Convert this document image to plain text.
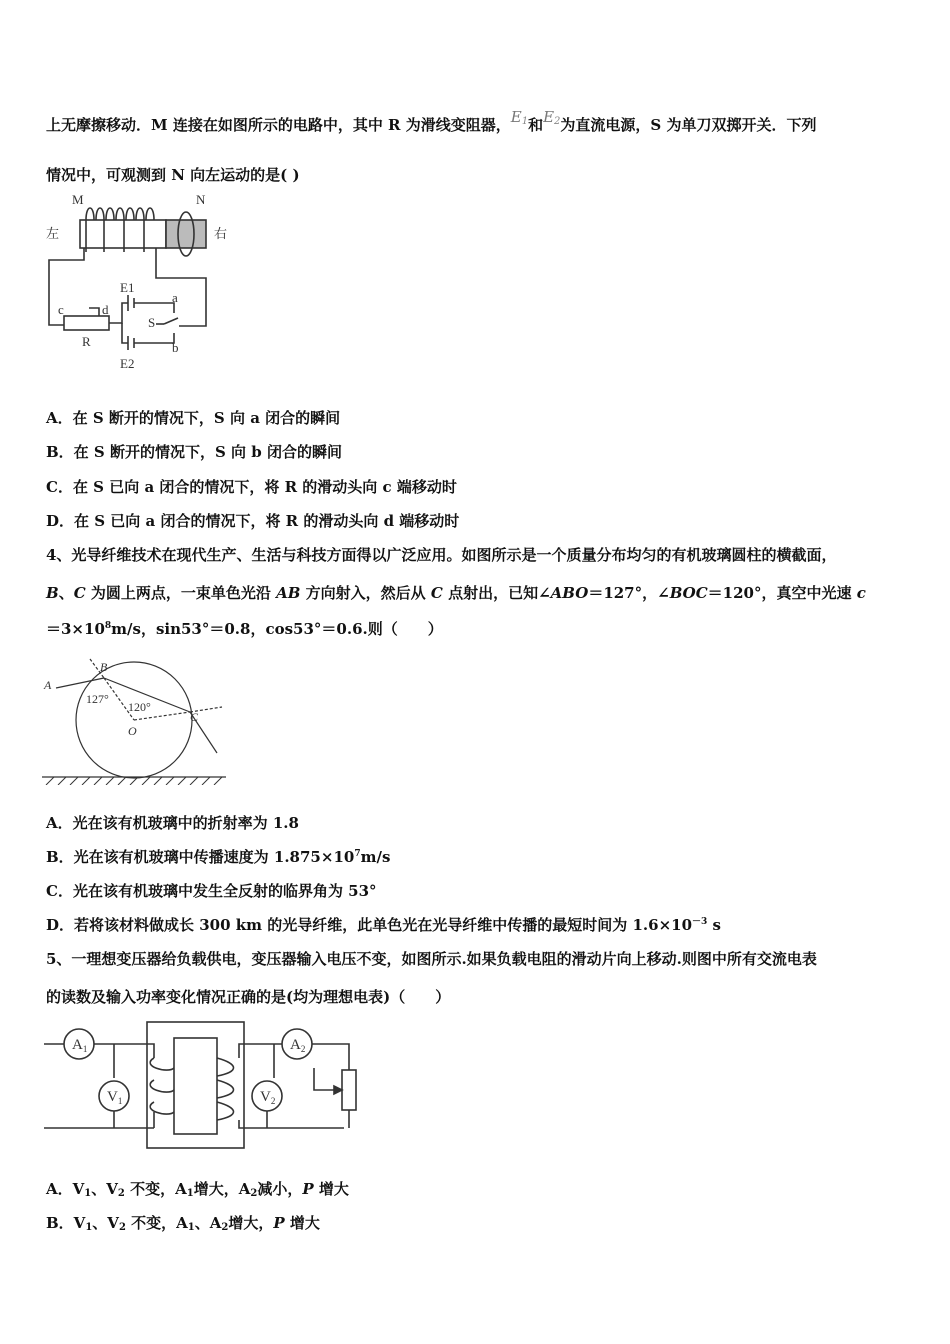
上无摩擦移动．M 连接在如图所示的电路中，其中 R 为滑线变阻器，$E_1$和$E_2$为直流电源，S 为单刀双掷开关．下列
情况中，可观测到 N 向左运动的是( )
M	N
左	右
E1
a
S
c	d
R	b
E2
A．在 S 断开的情况下，S 向 a 闭合的瞬间
B．在 S 断开的情况下，S 向 b 闭合的瞬间
C．在 S 已向 a 闭合的情况下，将 R 的滑动头向 c 端移动时
D．在 S 已向 a 闭合的情况下，将 R 的滑动头向 d 端移动时
4、光导纤维技术在现代生产、生活与科技方面得以广泛应用。如图所示是一个质量分布均匀的有机玻璃圆柱的横截面，
B、C 为圆上两点，一束单色光沿 AB 方向射入，然后从 C 点射出，已知∠ABO＝127°，∠BOC＝120°，真空中光速 c
$=3\times 10^8m/s$，sin53°＝0.8，cos53°＝0.6.则（　　）
A
B
C
O
127°
120°
A．光在该有机玻璃中的折射率为 1.8
B．光在该有机玻璃中传播速度为 $1.875\times 10^7m/s$
C．光在该有机玻璃中发生全反射的临界角为 53°
D．若将该材料做成长 300 km 的光导纤维，此单色光在光导纤维中传播的最短时间为 $1.6\times 10^{-3}$ s
5、一理想变压器给负载供电，变压器输入电压不变，如图所示.如果负载电阻的滑动片向上移动.则图中所有交流电表
的读数及输入功率变化情况正确的是(均为理想电表)（　　）
$A_1$
$V_1$
$A_2$
$V_2$
A．$V_1$、$V_2$ 不变，$A_1$增大，$A_2$减小，P 增大
B．$V_1$、$V_2$ 不变，$A_1$、$A_2$增大，P 增大
